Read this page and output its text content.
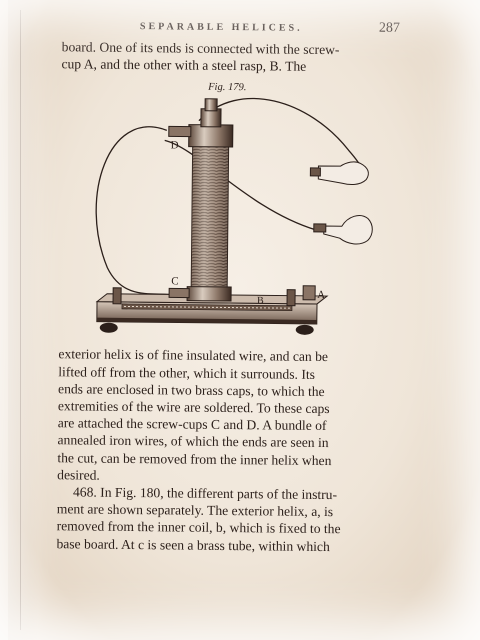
SEPARABLE HELICES.	287

board. One of its ends is connected with the screw-

cup A, and the other with a steel rasp, B. The

Fig. 179.
D
C
B	A

exterior helix is of fine insulated wire, and can be

lifted off from the other, which it surrounds. Its

ends are enclosed in two brass caps, to which the

extremities of the wire are soldered. To these caps

are attached the screw-cups C and D. A bundle of

annealed iron wires, of which the ends are seen in

the cut, can be removed from the inner helix when

desired.

468. In Fig. 180, the different parts of the instru-

ment are shown separately. The exterior helix, a, is

removed from the inner coil, b, which is fixed to the

base board. At c is seen a brass tube, within which
